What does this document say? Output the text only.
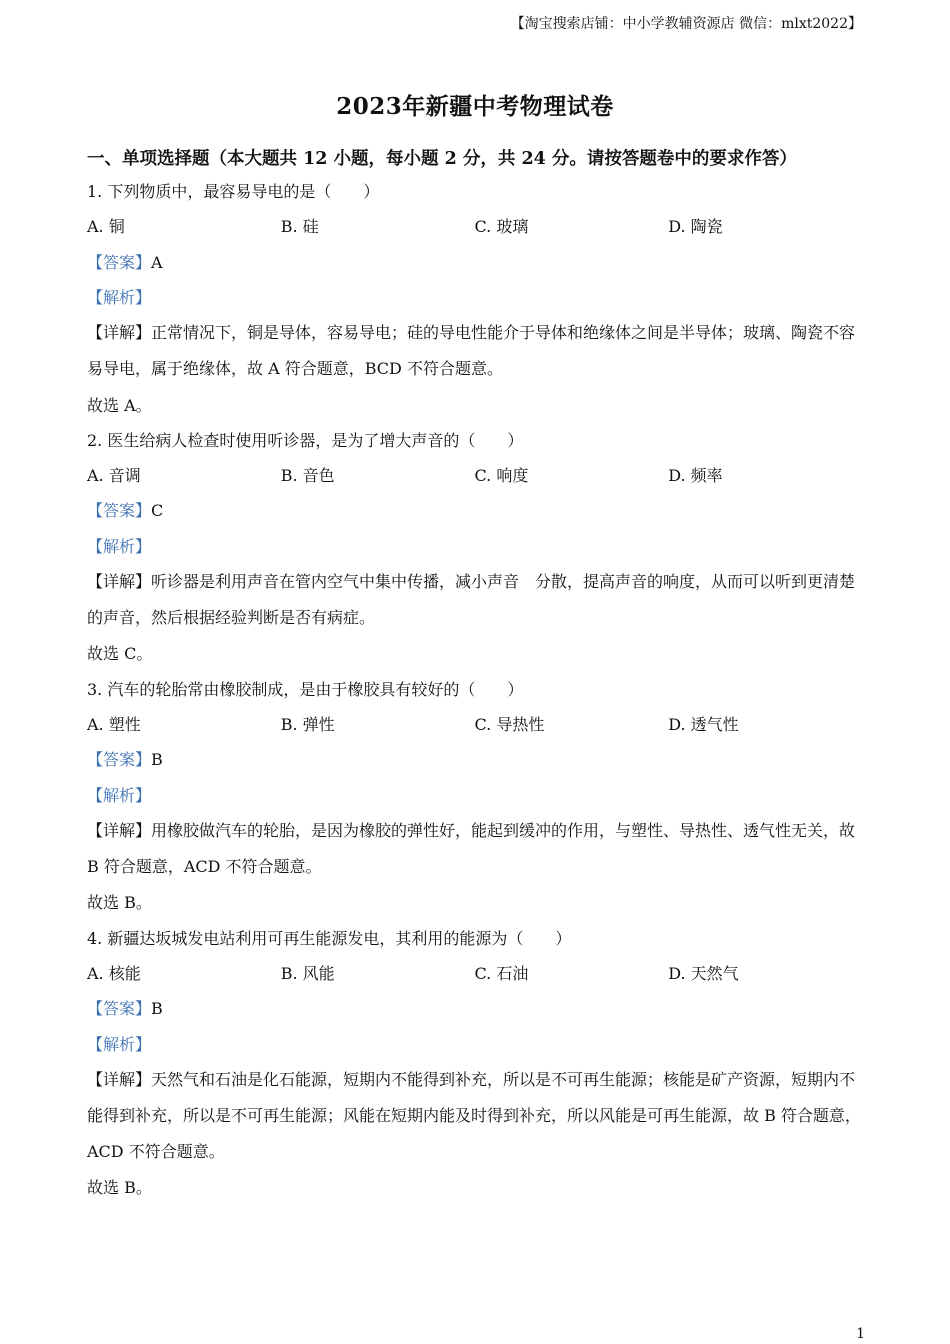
【淘宝搜索店铺：中小学教辅资源店 微信：mlxt2022】
2023年新疆中考物理试卷
一、单项选择题（本大题共 12 小题，每小题 2 分，共 24 分。请按答题卷中的要求作答）
1. 下列物质中，最容易导电的是（　　）
A. 铜	B. 硅	C. 玻璃	D. 陶瓷
【答案】A
【解析】
【详解】正常情况下，铜是导体，容易导电；硅的导电性能介于导体和绝缘体之间是半导体；玻璃、陶瓷不容易导电，属于绝缘体，故 A 符合题意，BCD 不符合题意。
故选 A。
2. 医生给病人检查时使用听诊器，是为了增大声音的（　　）
A. 音调	B. 音色	C. 响度	D. 频率
【答案】C
【解析】
【详解】听诊器是利用声音在管内空气中集中传播，减小声音　分散，提高声音的响度，从而可以听到更清楚的声音，然后根据经验判断是否有病症。
故选 C。
3. 汽车的轮胎常由橡胶制成，是由于橡胶具有较好的（　　）
A. 塑性	B. 弹性	C. 导热性	D. 透气性
【答案】B
【解析】
【详解】用橡胶做汽车的轮胎，是因为橡胶的弹性好，能起到缓冲的作用，与塑性、导热性、透气性无关，故 B 符合题意，ACD 不符合题意。
故选 B。
4. 新疆达坂城发电站利用可再生能源发电，其利用的能源为（　　）
A. 核能	B. 风能	C. 石油	D. 天然气
【答案】B
【解析】
【详解】天然气和石油是化石能源，短期内不能得到补充，所以是不可再生能源；核能是矿产资源，短期内不能得到补充，所以是不可再生能源；风能在短期内能及时得到补充，所以风能是可再生能源，故 B 符合题意，ACD 不符合题意。
故选 B。
1
